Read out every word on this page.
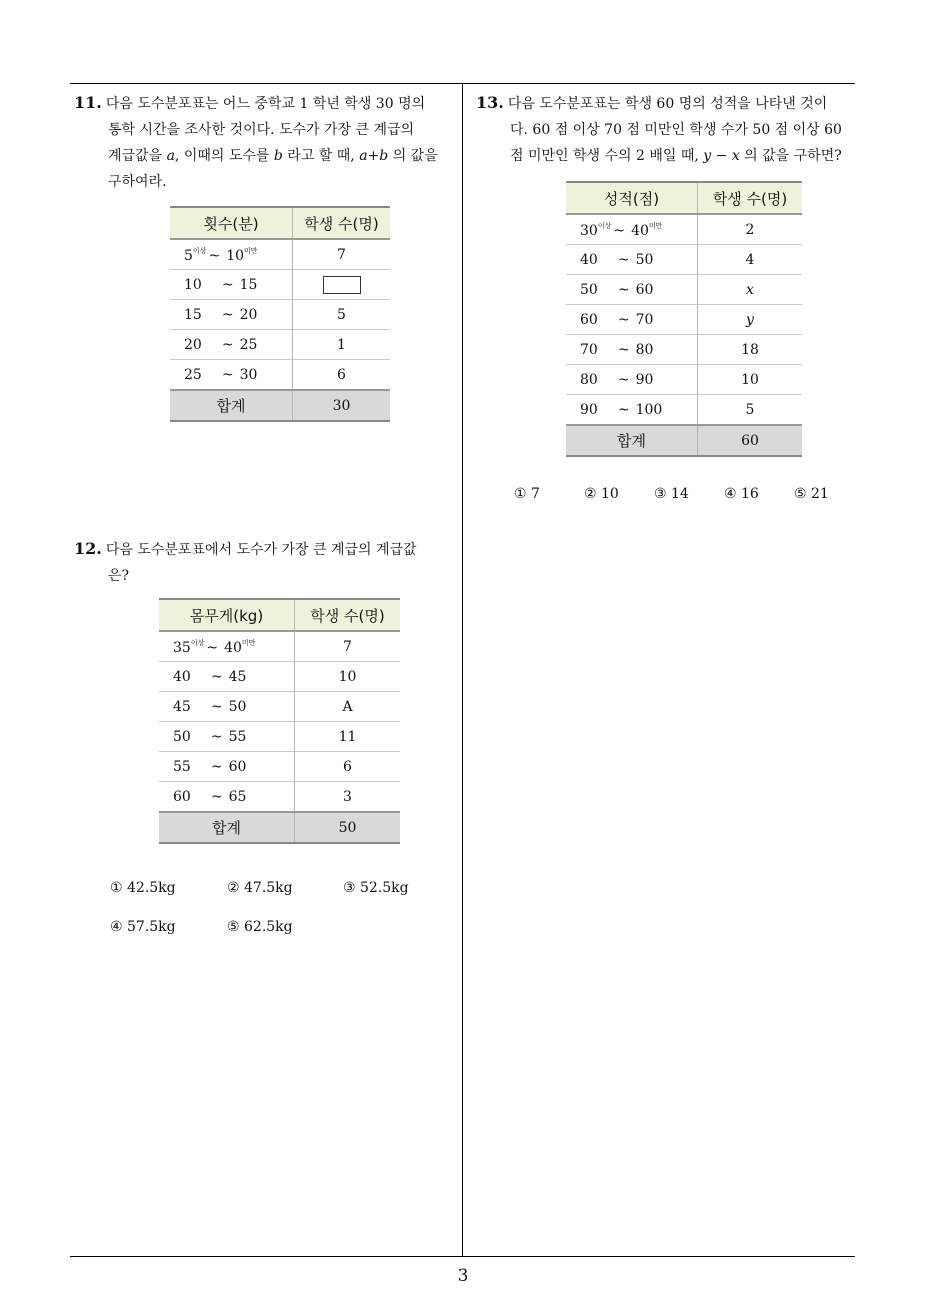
11. 다음 도수분포표는 어느 중학교 1 학년 학생 30 명의
통학 시간을 조사한 것이다. 도수가 가장 큰 계급의
계급값을 a, 이때의 도수를 b 라고 할 때, a+b 의 값을
구하여라.
횟수(분)	학생 수(명)
$5^{이상}$ ~ $10^{미만}$	7
10 ~ 15	
15 ~ 20	5
20 ~ 25	1
25 ~ 30	6
합계	30
12. 다음 도수분포표에서 도수가 가장 큰 계급의 계급값
은?
몸무게(kg)	학생 수(명)
$35^{이상}$ ~ $40^{미만}$	7
40 ~ 45	10
45 ~ 50	A
50 ~ 55	11
55 ~ 60	6
60 ~ 65	3
합계	50
① 42.5kg	② 47.5kg	③ 52.5kg
④ 57.5kg	⑤ 62.5kg
13. 다음 도수분포표는 학생 60 명의 성적을 나타낸 것이
다. 60 점 이상 70 점 미만인 학생 수가 50 점 이상 60
점 미만인 학생 수의 2 배일 때, y − x 의 값을 구하면?
성적(점)	학생 수(명)
$30^{이상}$ ~ $40^{미만}$	2
40 ~ 50	4
50 ~ 60	x
60 ~ 70	y
70 ~ 80	18
80 ~ 90	10
90 ~ 100	5
합계	60
① 7	② 10	③ 14	④ 16	⑤ 21
3
